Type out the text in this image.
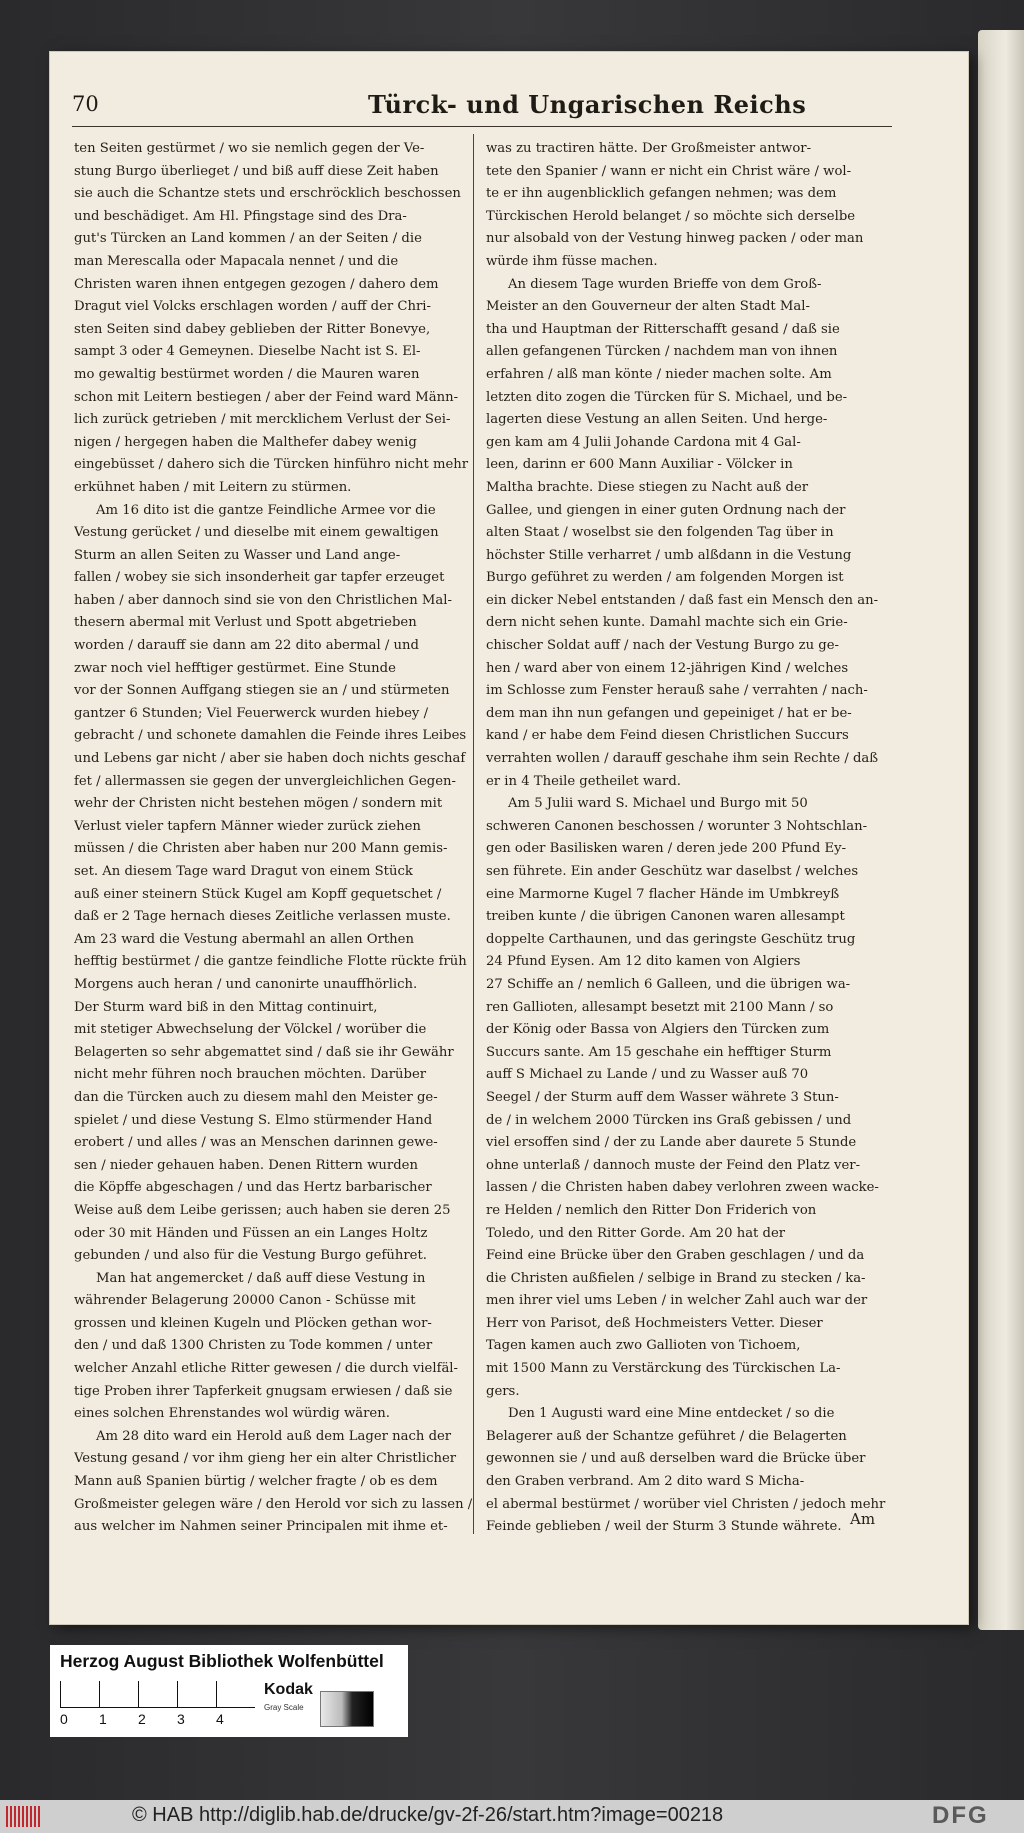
70	Türck- und Ungarischen Reichs

ten Seiten gestürmet / wo sie nemlich gegen der Ve-
stung Burgo überlieget / und biß auff diese Zeit haben
sie auch die Schantze stets und erschröcklich beschossen
und beschädiget. Am Hl. Pfingstage sind des Dra-
gut's Türcken an Land kommen / an der Seiten / die
man Merescalla oder Mapacala nennet / und die
Christen waren ihnen entgegen gezogen / dahero dem
Dragut viel Volcks erschlagen worden / auff der Chri-
sten Seiten sind dabey geblieben der Ritter Bonevye,
sampt 3 oder 4 Gemeynen. Dieselbe Nacht ist S. El-
mo gewaltig bestürmet worden / die Mauren waren
schon mit Leitern bestiegen / aber der Feind ward Männ-
lich zurück getrieben / mit mercklichem Verlust der Sei-
nigen / hergegen haben die Malthefer dabey wenig
eingebüsset / dahero sich die Türcken hinführo nicht mehr
erkühnet haben / mit Leitern zu stürmen.

Am 16 dito ist die gantze Feindliche Armee vor die
Vestung gerücket / und dieselbe mit einem gewaltigen
Sturm an allen Seiten zu Wasser und Land ange-
fallen / wobey sie sich insonderheit gar tapfer erzeuget
haben / aber dannoch sind sie von den Christlichen Mal-
thesern abermal mit Verlust und Spott abgetrieben
worden / darauff sie dann am 22 dito abermal / und
zwar noch viel hefftiger gestürmet. Eine Stunde
vor der Sonnen Auffgang stiegen sie an / und stürmeten
gantzer 6 Stunden; Viel Feuerwerck wurden hiebey /
gebracht / und schonete damahlen die Feinde ihres Leibes
und Lebens gar nicht / aber sie haben doch nichts geschaf
fet / allermassen sie gegen der unvergleichlichen Gegen-
wehr der Christen nicht bestehen mögen / sondern mit
Verlust vieler tapfern Männer wieder zurück ziehen
müssen / die Christen aber haben nur 200 Mann gemis-
set. An diesem Tage ward Dragut von einem Stück
auß einer steinern Stück Kugel am Kopff gequetschet /
daß er 2 Tage hernach dieses Zeitliche verlassen muste.
Am 23 ward die Vestung abermahl an allen Orthen
hefftig bestürmet / die gantze feindliche Flotte rückte früh
Morgens auch heran / und canonirte unauffhörlich.
Der Sturm ward biß in den Mittag continuirt,
mit stetiger Abwechselung der Völckel / worüber die
Belagerten so sehr abgemattet sind / daß sie ihr Gewähr
nicht mehr führen noch brauchen möchten. Darüber
dan die Türcken auch zu diesem mahl den Meister ge-
spielet / und diese Vestung S. Elmo stürmender Hand
erobert / und alles / was an Menschen darinnen gewe-
sen / nieder gehauen haben. Denen Rittern wurden
die Köpffe abgeschagen / und das Hertz barbarischer
Weise auß dem Leibe gerissen; auch haben sie deren 25
oder 30 mit Händen und Füssen an ein Langes Holtz
gebunden / und also für die Vestung Burgo geführet.

Man hat angemercket / daß auff diese Vestung in
währender Belagerung 20000 Canon - Schüsse mit
grossen und kleinen Kugeln und Plöcken gethan wor-
den / und daß 1300 Christen zu Tode kommen / unter
welcher Anzahl etliche Ritter gewesen / die durch vielfäl-
tige Proben ihrer Tapferkeit gnugsam erwiesen / daß sie
eines solchen Ehrenstandes wol würdig wären.

Am 28 dito ward ein Herold auß dem Lager nach der
Vestung gesand / vor ihm gieng her ein alter Christlicher
Mann auß Spanien bürtig / welcher fragte / ob es dem
Großmeister gelegen wäre / den Herold vor sich zu lassen /
aus welcher im Nahmen seiner Principalen mit ihme et-

was zu tractiren hätte. Der Großmeister antwor-
tete den Spanier / wann er nicht ein Christ wäre / wol-
te er ihn augenblicklich gefangen nehmen; was dem
Türckischen Herold belanget / so möchte sich derselbe
nur alsobald von der Vestung hinweg packen / oder man
würde ihm füsse machen.

An diesem Tage wurden Brieffe von dem Groß-
Meister an den Gouverneur der alten Stadt Mal-
tha und Hauptman der Ritterschafft gesand / daß sie
allen gefangenen Türcken / nachdem man von ihnen
erfahren / alß man könte / nieder machen solte. Am
letzten dito zogen die Türcken für S. Michael, und be-
lagerten diese Vestung an allen Seiten. Und herge-
gen kam am 4 Julii Johande Cardona mit 4 Gal-
leen, darinn er 600 Mann Auxiliar - Völcker in
Maltha brachte. Diese stiegen zu Nacht auß der
Gallee, und giengen in einer guten Ordnung nach der
alten Staat / woselbst sie den folgenden Tag über in
höchster Stille verharret / umb alßdann in die Vestung
Burgo geführet zu werden / am folgenden Morgen ist
ein dicker Nebel entstanden / daß fast ein Mensch den an-
dern nicht sehen kunte. Damahl machte sich ein Grie-
chischer Soldat auff / nach der Vestung Burgo zu ge-
hen / ward aber von einem 12-jährigen Kind / welches
im Schlosse zum Fenster herauß sahe / verrahten / nach-
dem man ihn nun gefangen und gepeiniget / hat er be-
kand / er habe dem Feind diesen Christlichen Succurs
verrahten wollen / darauff geschahe ihm sein Rechte / daß
er in 4 Theile getheilet ward.

Am 5 Julii ward S. Michael und Burgo mit 50
schweren Canonen beschossen / worunter 3 Nohtschlan-
gen oder Basilisken waren / deren jede 200 Pfund Ey-
sen führete. Ein ander Geschütz war daselbst / welches
eine Marmorne Kugel 7 flacher Hände im Umbkreyß
treiben kunte / die übrigen Canonen waren allesampt
doppelte Carthaunen, und das geringste Geschütz trug
24 Pfund Eysen. Am 12 dito kamen von Algiers
27 Schiffe an / nemlich 6 Galleen, und die übrigen wa-
ren Gallioten, allesampt besetzt mit 2100 Mann / so
der König oder Bassa von Algiers den Türcken zum
Succurs sante. Am 15 geschahe ein hefftiger Sturm
auff S Michael zu Lande / und zu Wasser auß 70
Seegel / der Sturm auff dem Wasser währete 3 Stun-
de / in welchem 2000 Türcken ins Graß gebissen / und
viel ersoffen sind / der zu Lande aber daurete 5 Stunde
ohne unterlaß / dannoch muste der Feind den Platz ver-
lassen / die Christen haben dabey verlohren zween wacke-
re Helden / nemlich den Ritter Don Friderich von
Toledo, und den Ritter Gorde. Am 20 hat der
Feind eine Brücke über den Graben geschlagen / und da
die Christen außfielen / selbige in Brand zu stecken / ka-
men ihrer viel ums Leben / in welcher Zahl auch war der
Herr von Parisot, deß Hochmeisters Vetter. Dieser
Tagen kamen auch zwo Gallioten von Tichoem,
mit 1500 Mann zu Verstärckung des Türckischen La-
gers.

Den 1 Augusti ward eine Mine entdecket / so die
Belagerer auß der Schantze geführet / die Belagerten
gewonnen sie / und auß derselben ward die Brücke über
den Graben verbrand. Am 2 dito ward S Micha-
el abermal bestürmet / worüber viel Christen / jedoch mehr
Feinde geblieben / weil der Sturm 3 Stunde währete. Am
Herzog August Bibliothek Wolfenbüttel
0 1 2 3 4
Kodak
Gray Scale
© HAB http://diglib.hab.de/drucke/gv-2f-26/start.htm?image=00218	DFG
